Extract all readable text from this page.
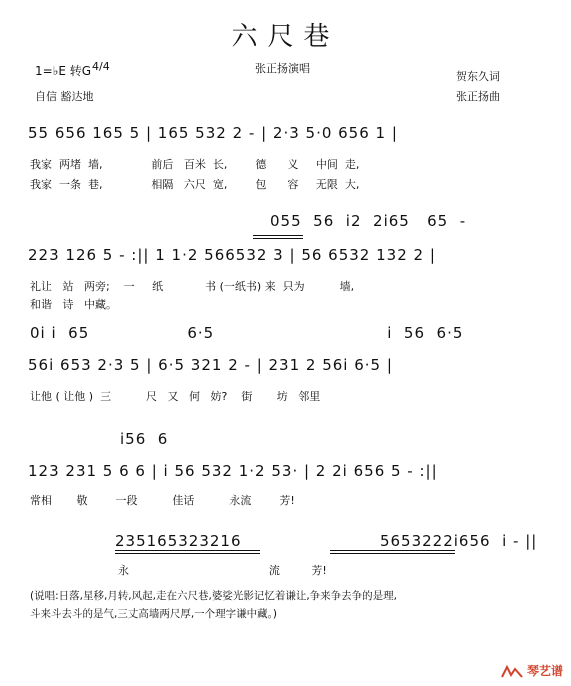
六尺巷
1=♭E 转G 4/4
自信 豁达地
张正扬演唱
贺东久词
张正扬曲
55 656 165 5 | 165 532 2 - | 2·3 5·0 656 1 |
我家  两堵  墙,              前后   百米  长,        德      义     中间  走,
我家  一条  巷,              相隔   六尺  宽,        包      容     无限  大,
055  56  i2  2i65   65  -
223 126 5 - :|| 1 1·2 566532 3 | 56 6532 132 2 |
礼让   站   两旁;    一     纸            书 (一纸书) 来  只为          墙,
和谐   诗   中藏。
0i i  65                 6·5                              i  56  6·5
56i 653 2·3 5 | 6·5 321 2 - | 231 2 56i 6·5 |
让他 ( 让他 )  三          尺   又   何   妨?    街       坊   邻里
i56  6
123 231 5 6 6 | i 56 532 1·2 53· | 2 2i 656 5 - :||
常相       敬        一段          佳话          永流        芳!
235165323216                        5653222i656  i - ||
永                                        流         芳!
(说唱:日落,星移,月转,风起,走在六尺巷,婆娑光影记忆着谦让,争来争去争的是理,
斗来斗去斗的是气,三丈高墙两尺厚,一个理字谦中藏。)
琴艺谱
